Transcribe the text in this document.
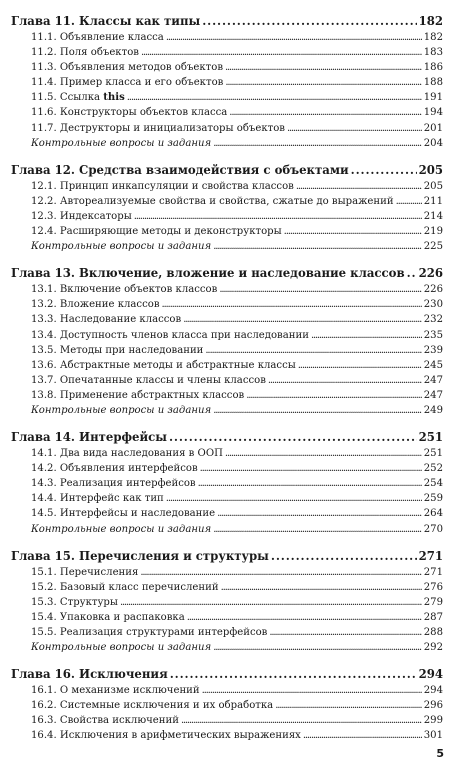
Глава 11. Классы как типы . . .	182
11.1. Объявление класса . . .	182
11.2. Поля объектов . . .	183
11.3. Объявления методов объектов . . .	186
11.4. Пример класса и его объектов . . .	188
11.5. Ссылка this . . .	191
11.6. Конструкторы объектов класса . . .	194
11.7. Деструкторы и инициализаторы объектов . . .	201
Контрольные вопросы и задания . . .	204
Глава 12. Средства взаимодействия с объектами . . .	205
12.1. Принцип инкапсуляции и свойства классов . . .	205
12.2. Автореализуемые свойства и свойства, сжатые до выражений . . .	211
12.3. Индексаторы . . .	214
12.4. Расширяющие методы и деконструкторы . . .	219
Контрольные вопросы и задания . . .	225
Глава 13. Включение, вложение и наследование классов . . . 226
13.1. Включение объектов классов . . .	226
13.2. Вложение классов . . .	230
13.3. Наследование классов . . .	232
13.4. Доступность членов класса при наследовании . . .	235
13.5. Методы при наследовании . . .	239
13.6. Абстрактные методы и абстрактные классы . . .	245
13.7. Опечатанные классы и члены классов . . .	247
13.8. Применение абстрактных классов . . .	247
Контрольные вопросы и задания . . .	249
Глава 14. Интерфейсы . . .	251
14.1. Два вида наследования в ООП . . .	251
14.2. Объявления интерфейсов . . .	252
14.3. Реализация интерфейсов . . .	254
14.4. Интерфейс как тип . . .	259
14.5. Интерфейсы и наследование . . .	264
Контрольные вопросы и задания . . .	270
Глава 15. Перечисления и структуры . . .	271
15.1. Перечисления . . .	271
15.2. Базовый класс перечислений . . .	276
15.3. Структуры . . .	279
15.4. Упаковка и распаковка . . .	287
15.5. Реализация структурами интерфейсов . . .	288
Контрольные вопросы и задания . . .	292
Глава 16. Исключения . . .	294
16.1. О механизме исключений . . .	294
16.2. Системные исключения и их обработка . . .	296
16.3. Свойства исключений . . .	299
16.4. Исключения в арифметических выражениях . . .	301
5
